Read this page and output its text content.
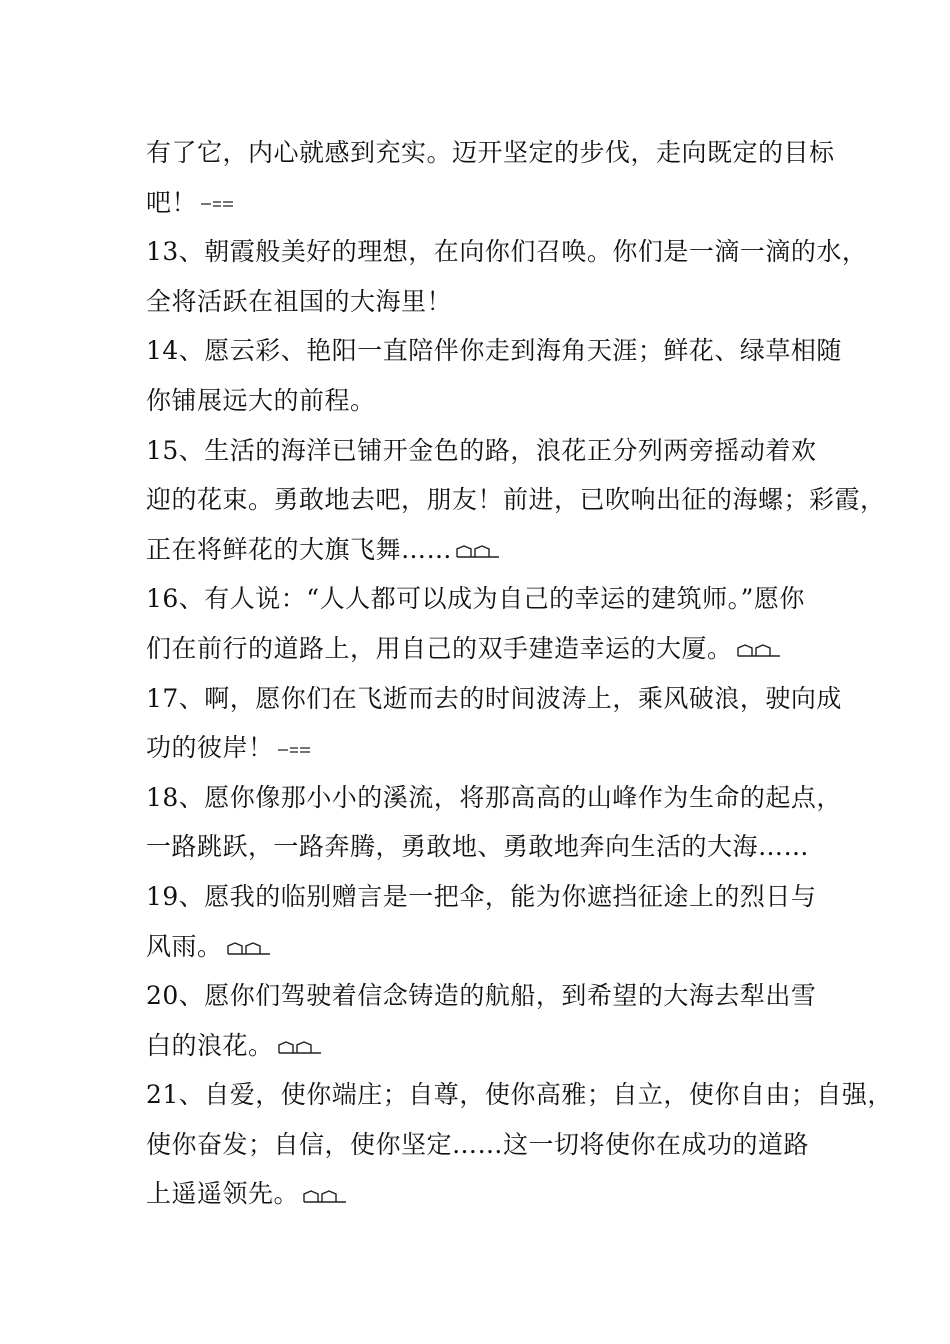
有了它，内心就感到充实。迈开坚定的步伐，走向既定的目标
吧！
13、朝霞般美好的理想，在向你们召唤。你们是一滴一滴的水，
全将活跃在祖国的大海里！
14、愿云彩、艳阳一直陪伴你走到海角天涯；鲜花、绿草相随
你铺展远大的前程。
15、生活的海洋已铺开金色的路，浪花正分列两旁摇动着欢
迎的花束。勇敢地去吧，朋友！前进，已吹响出征的海螺；彩霞，
正在将鲜花的大旗飞舞……
16、有人说：“人人都可以成为自己的幸运的建筑师。”愿你
们在前行的道路上，用自己的双手建造幸运的大厦。
17、啊，愿你们在飞逝而去的时间波涛上，乘风破浪，驶向成
功的彼岸！
18、愿你像那小小的溪流，将那高高的山峰作为生命的起点，
一路跳跃，一路奔腾，勇敢地、勇敢地奔向生活的大海……
19、愿我的临别赠言是一把伞，能为你遮挡征途上的烈日与
风雨。
20、愿你们驾驶着信念铸造的航船，到希望的大海去犁出雪
白的浪花。
21、自爱，使你端庄；自尊，使你高雅；自立，使你自由；自强，
使你奋发；自信，使你坚定……这一切将使你在成功的道路
上遥遥领先。
